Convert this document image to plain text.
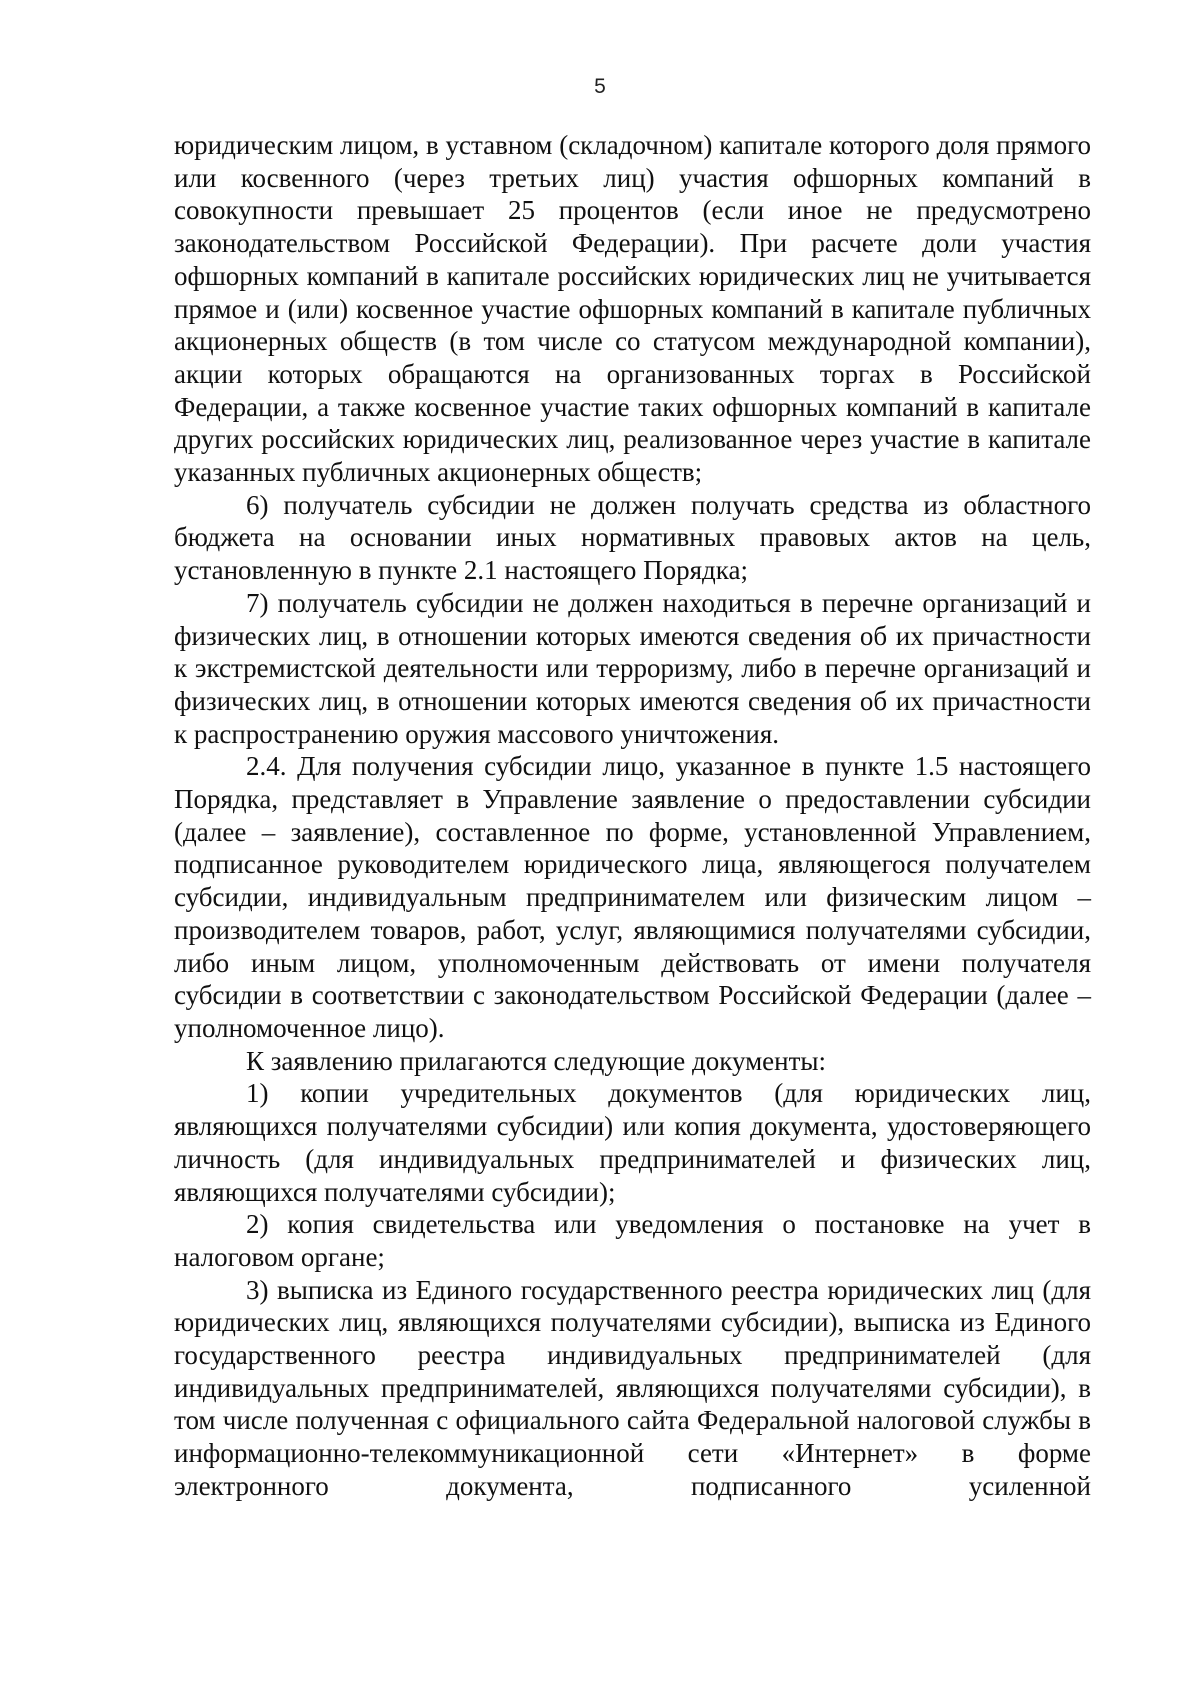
5

юридическим лицом, в уставном (складочном) капитале которого доля прямого или косвенного (через третьих лиц) участия офшорных компаний в совокупности превышает 25 процентов (если иное не предусмотрено законодательством Российской Федерации). При расчете доли участия офшорных компаний в капитале российских юридических лиц не учитывается прямое и (или) косвенное участие офшорных компаний в капитале публичных акционерных обществ (в том числе со статусом международной компании), акции которых обращаются на организованных торгах в Российской Федерации, а также косвенное участие таких офшорных компаний в капитале других российских юридических лиц, реализованное через участие в капитале указанных публичных акционерных обществ;

6) получатель субсидии не должен получать средства из областного бюджета на основании иных нормативных правовых актов на цель, установленную в пункте 2.1 настоящего Порядка;

7) получатель субсидии не должен находиться в перечне организаций и физических лиц, в отношении которых имеются сведения об их причастности к экстремистской деятельности или терроризму, либо в перечне организаций и физических лиц, в отношении которых имеются сведения об их причастности к распространению оружия массового уничтожения.

2.4. Для получения субсидии лицо, указанное в пункте 1.5 настоящего Порядка, представляет в Управление заявление о предоставлении субсидии (далее – заявление), составленное по форме, установленной Управлением, подписанное руководителем юридического лица, являющегося получателем субсидии, индивидуальным предпринимателем или физическим лицом – производителем товаров, работ, услуг, являющимися получателями субсидии, либо иным лицом, уполномоченным действовать от имени получателя субсидии в соответствии с законодательством Российской Федерации (далее – уполномоченное лицо).

К заявлению прилагаются следующие документы:

1) копии учредительных документов (для юридических лиц, являющихся получателями субсидии) или копия документа, удостоверяющего личность (для индивидуальных предпринимателей и физических лиц, являющихся получателями субсидии);

2) копия свидетельства или уведомления о постановке на учет в налоговом органе;

3) выписка из Единого государственного реестра юридических лиц (для юридических лиц, являющихся получателями субсидии), выписка из Единого государственного реестра индивидуальных предпринимателей (для индивидуальных предпринимателей, являющихся получателями субсидии), в том числе полученная с официального сайта Федеральной налоговой службы в информационно-телекоммуникационной сети «Интернет» в форме электронного документа, подписанного усиленной
